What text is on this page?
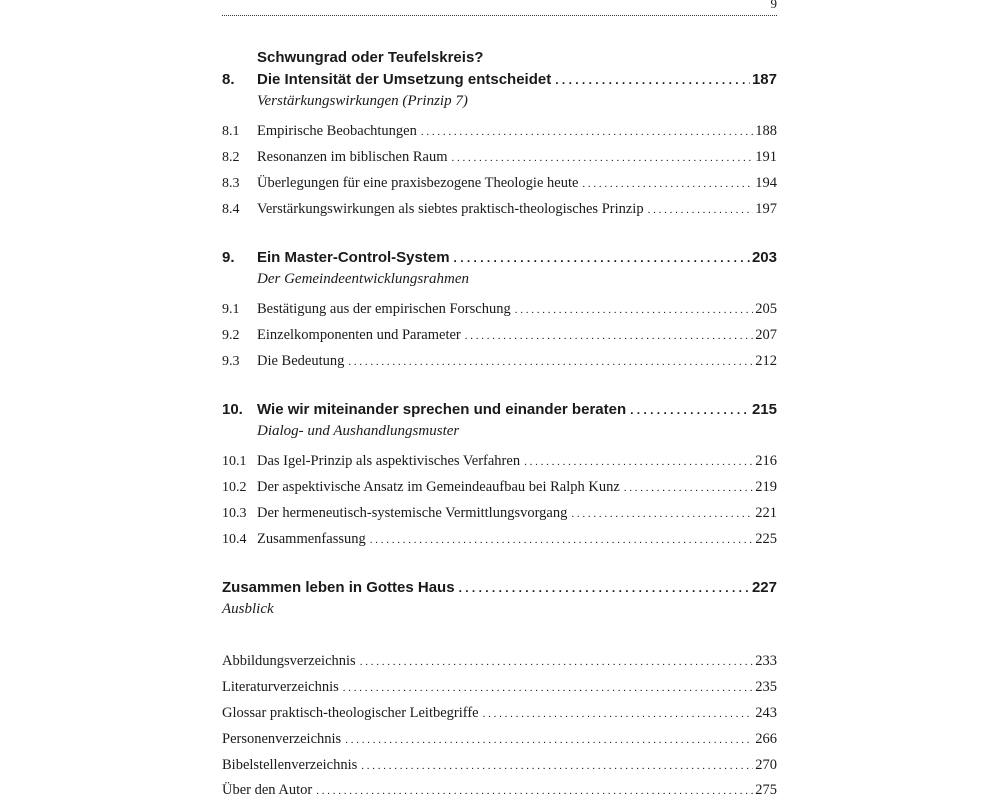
9
Schwungrad oder Teufelskreis?
8.	Die Intensität der Umsetzung entscheidet . . .	187
Verstärkungswirkungen (Prinzip 7)
8.1	Empirische Beobachtungen . . .	188
8.2	Resonanzen im biblischen Raum . . .	191
8.3	Überlegungen für eine praxisbezogene Theologie heute . . .	194
8.4	Verstärkungswirkungen als siebtes praktisch-theologisches Prinzip . . .	197
9.	Ein Master-Control-System . . .	203
Der Gemeindeentwicklungsrahmen
9.1	Bestätigung aus der empirischen Forschung . . .	205
9.2	Einzelkomponenten und Parameter . . .	207
9.3	Die Bedeutung . . .	212
10. Wie wir miteinander sprechen und einander beraten . . .	215
Dialog- und Aushandlungsmuster
10.1 Das Igel-Prinzip als aspektivisches Verfahren . . .	216
10.2 Der aspektivische Ansatz im Gemeindeaufbau bei Ralph Kunz . . .	219
10.3 Der hermeneutisch-systemische Vermittlungsvorgang . . .	221
10.4 Zusammenfassung . . .	225
Zusammen leben in Gottes Haus . . .	227
Ausblick
Abbildungsverzeichnis . . .	233
Literaturverzeichnis . . .	235
Glossar praktisch-theologischer Leitbegriffe . . .	243
Personenverzeichnis . . .	266
Bibelstellenverzeichnis . . .	270
Über den Autor . . .	275
